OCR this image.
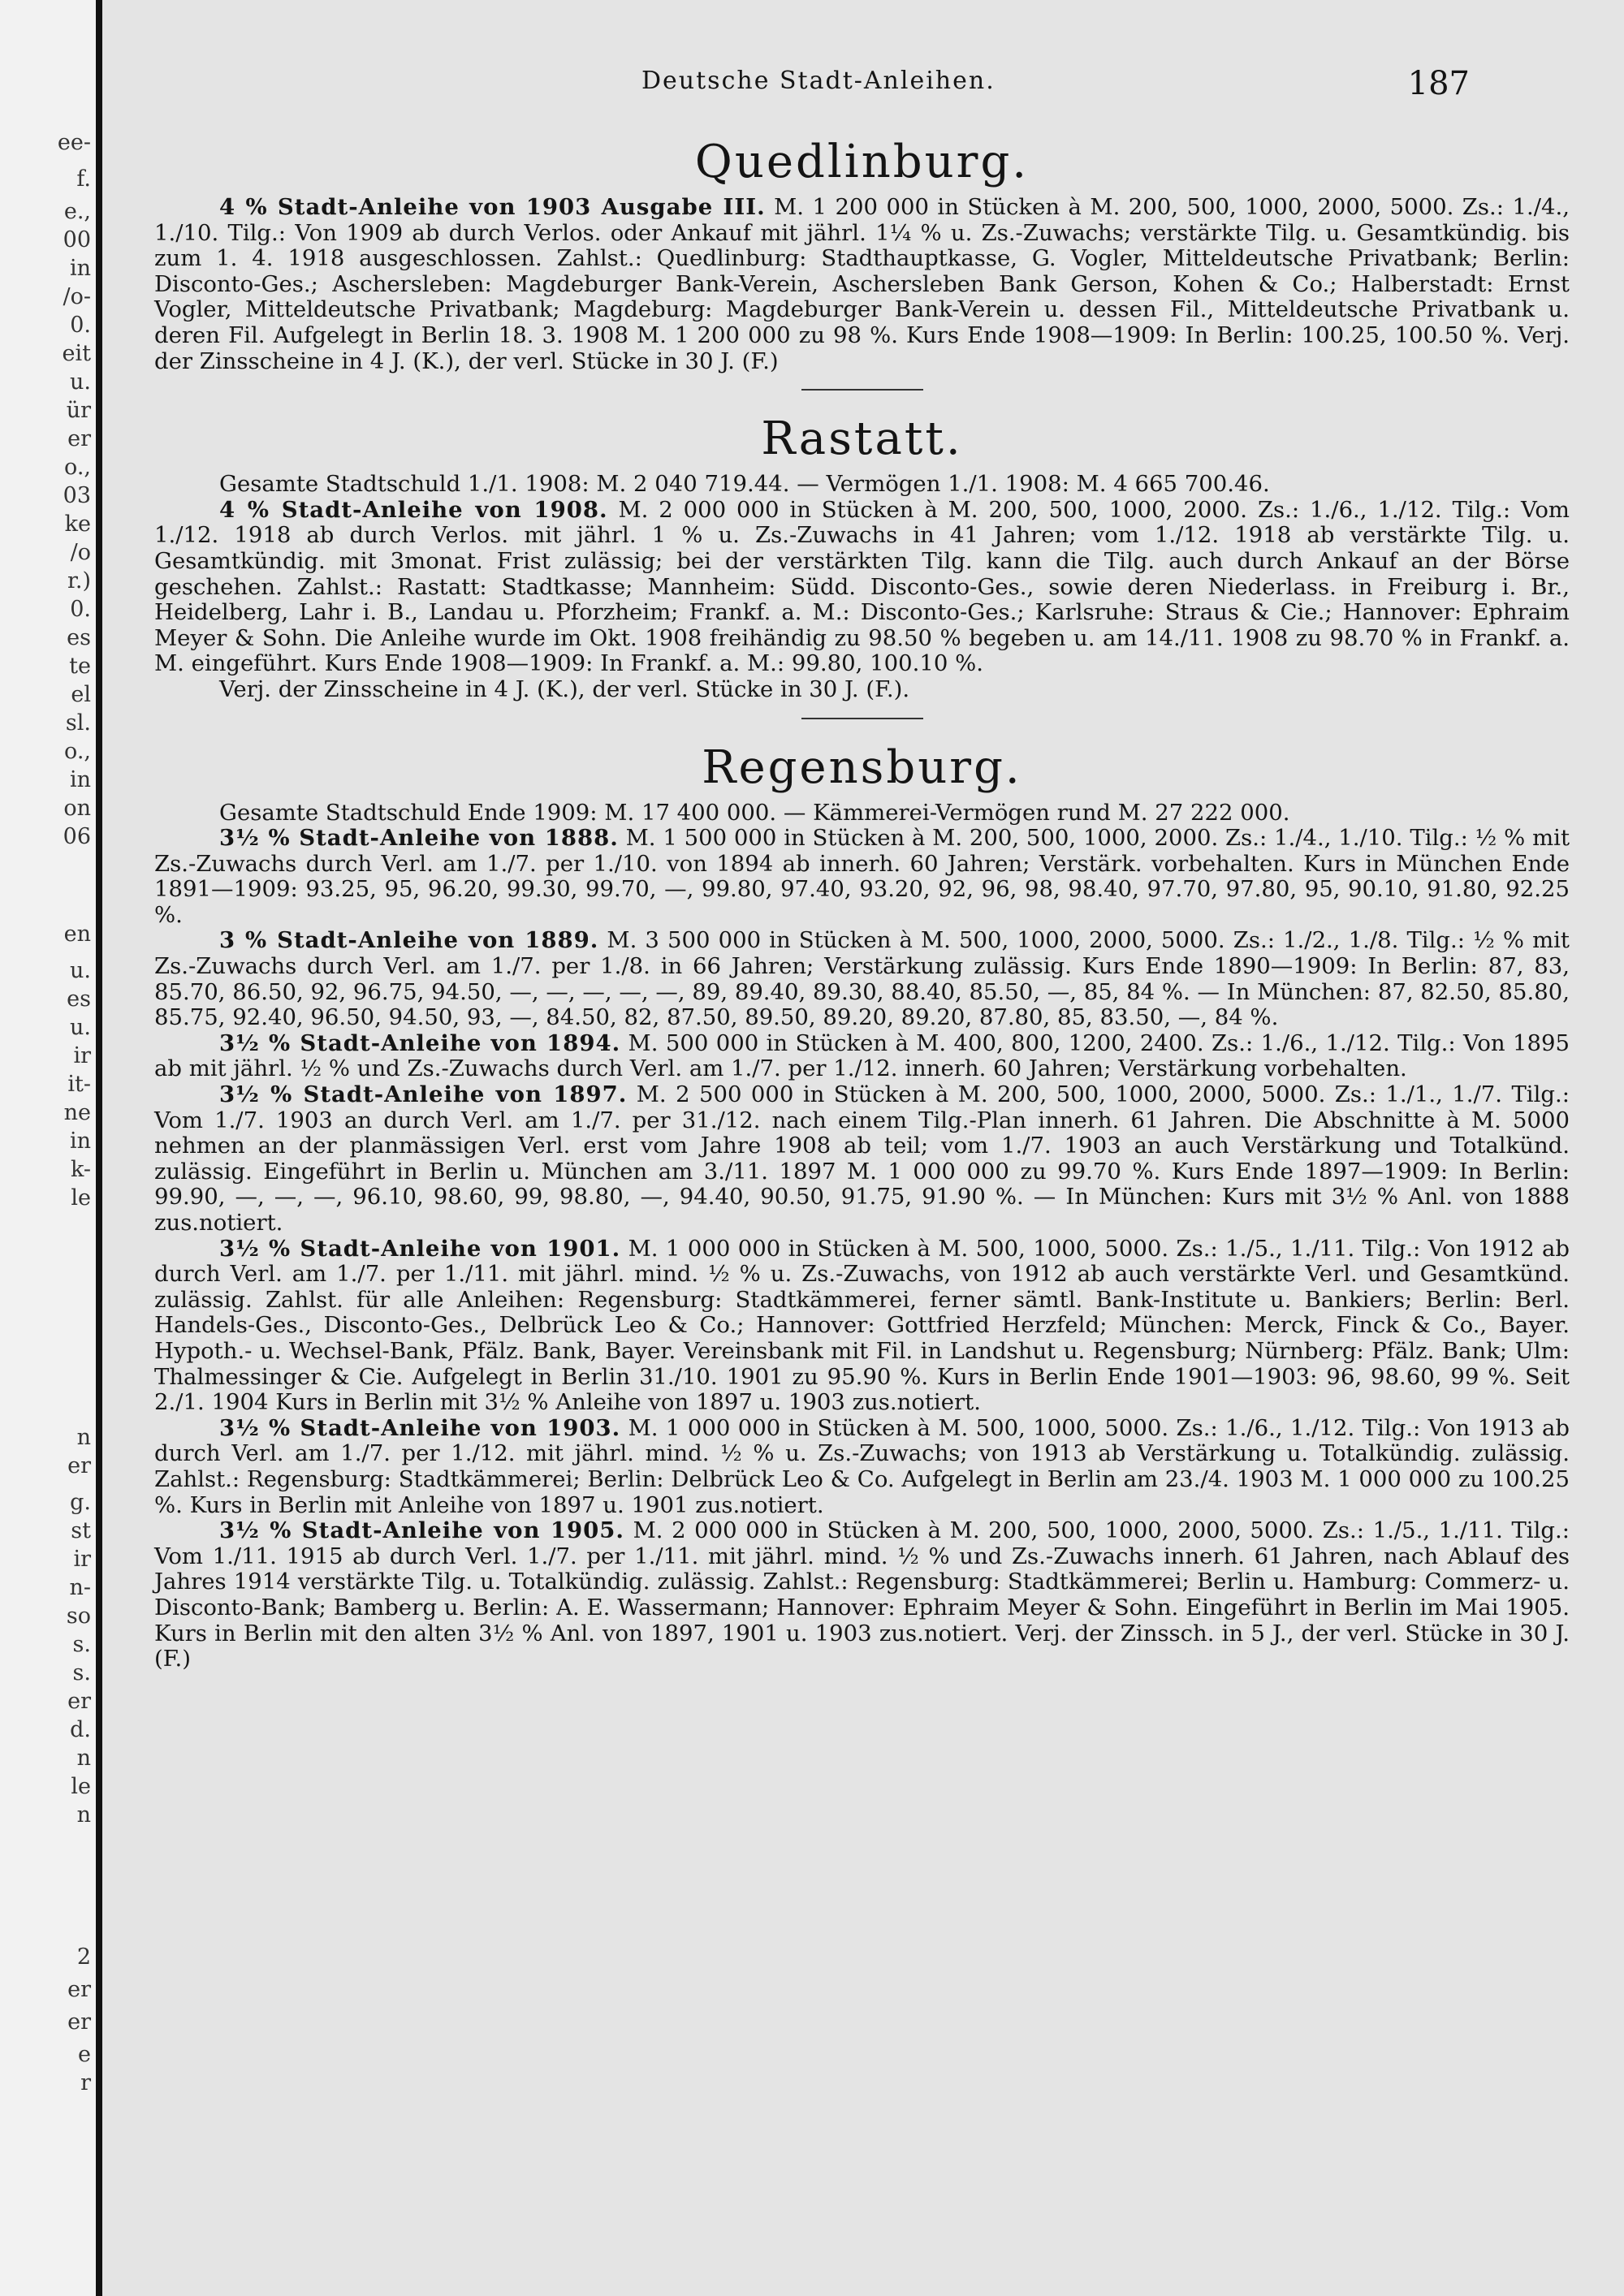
ee-
f.
e.,
00
in
/o-
0.
eit
u.
ür
er
o.,
03
ke
/o
r.)
0.
es
te
el
sl.
o.,
in
on
06
en
u.
es
u.
ir
it-
ne
in
k-
le
n
er
g.
st
ir
n-
so
s.
s.
er
d.
n
le
n
2
er
er
e
r
Deutsche Stadt-Anleihen.	187
Quedlinburg.

4 % Stadt-Anleihe von 1903 Ausgabe III. M. 1 200 000 in Stücken à M. 200, 500, 1000, 2000, 5000. Zs.: 1./4., 1./10. Tilg.: Von 1909 ab durch Verlos. oder Ankauf mit jährl. 1¼ % u. Zs.-Zuwachs; verstärkte Tilg. u. Gesamtkündig. bis zum 1. 4. 1918 ausgeschlossen. Zahlst.: Quedlinburg: Stadthauptkasse, G. Vogler, Mitteldeutsche Privatbank; Berlin: Disconto-Ges.; Aschersleben: Magdeburger Bank-Verein, Aschersleben Bank Gerson, Kohen & Co.; Halberstadt: Ernst Vogler, Mitteldeutsche Privatbank; Magdeburg: Magdeburger Bank-Verein u. dessen Fil., Mitteldeutsche Privatbank u. deren Fil. Aufgelegt in Berlin 18. 3. 1908 M. 1 200 000 zu 98 %. Kurs Ende 1908—1909: In Berlin: 100.25, 100.50 %. Verj. der Zinsscheine in 4 J. (K.), der verl. Stücke in 30 J. (F.)

Rastatt.

Gesamte Stadtschuld 1./1. 1908: M. 2 040 719.44. — Vermögen 1./1. 1908: M. 4 665 700.46.

4 % Stadt-Anleihe von 1908. M. 2 000 000 in Stücken à M. 200, 500, 1000, 2000. Zs.: 1./6., 1./12. Tilg.: Vom 1./12. 1918 ab durch Verlos. mit jährl. 1 % u. Zs.-Zuwachs in 41 Jahren; vom 1./12. 1918 ab verstärkte Tilg. u. Gesamtkündig. mit 3monat. Frist zulässig; bei der verstärkten Tilg. kann die Tilg. auch durch Ankauf an der Börse geschehen. Zahlst.: Rastatt: Stadtkasse; Mannheim: Südd. Disconto-Ges., sowie deren Niederlass. in Freiburg i. Br., Heidelberg, Lahr i. B., Landau u. Pforzheim; Frankf. a. M.: Disconto-Ges.; Karlsruhe: Straus & Cie.; Hannover: Ephraim Meyer & Sohn. Die Anleihe wurde im Okt. 1908 freihändig zu 98.50 % begeben u. am 14./11. 1908 zu 98.70 % in Frankf. a. M. eingeführt. Kurs Ende 1908—1909: In Frankf. a. M.: 99.80, 100.10 %.

Verj. der Zinsscheine in 4 J. (K.), der verl. Stücke in 30 J. (F.).

Regensburg.

Gesamte Stadtschuld Ende 1909: M. 17 400 000. — Kämmerei-Vermögen rund M. 27 222 000.

3½ % Stadt-Anleihe von 1888. M. 1 500 000 in Stücken à M. 200, 500, 1000, 2000. Zs.: 1./4., 1./10. Tilg.: ½ % mit Zs.-Zuwachs durch Verl. am 1./7. per 1./10. von 1894 ab innerh. 60 Jahren; Verstärk. vorbehalten. Kurs in München Ende 1891—1909: 93.25, 95, 96.20, 99.30, 99.70, —, 99.80, 97.40, 93.20, 92, 96, 98, 98.40, 97.70, 97.80, 95, 90.10, 91.80, 92.25 %.

3 % Stadt-Anleihe von 1889. M. 3 500 000 in Stücken à M. 500, 1000, 2000, 5000. Zs.: 1./2., 1./8. Tilg.: ½ % mit Zs.-Zuwachs durch Verl. am 1./7. per 1./8. in 66 Jahren; Verstärkung zulässig. Kurs Ende 1890—1909: In Berlin: 87, 83, 85.70, 86.50, 92, 96.75, 94.50, —, —, —, —, —, 89, 89.40, 89.30, 88.40, 85.50, —, 85, 84 %. — In München: 87, 82.50, 85.80, 85.75, 92.40, 96.50, 94.50, 93, —, 84.50, 82, 87.50, 89.50, 89.20, 89.20, 87.80, 85, 83.50, —, 84 %.

3½ % Stadt-Anleihe von 1894. M. 500 000 in Stücken à M. 400, 800, 1200, 2400. Zs.: 1./6., 1./12. Tilg.: Von 1895 ab mit jährl. ½ % und Zs.-Zuwachs durch Verl. am 1./7. per 1./12. innerh. 60 Jahren; Verstärkung vorbehalten.

3½ % Stadt-Anleihe von 1897. M. 2 500 000 in Stücken à M. 200, 500, 1000, 2000, 5000. Zs.: 1./1., 1./7. Tilg.: Vom 1./7. 1903 an durch Verl. am 1./7. per 31./12. nach einem Tilg.-Plan innerh. 61 Jahren. Die Abschnitte à M. 5000 nehmen an der planmässigen Verl. erst vom Jahre 1908 ab teil; vom 1./7. 1903 an auch Verstärkung und Totalkünd. zulässig. Eingeführt in Berlin u. München am 3./11. 1897 M. 1 000 000 zu 99.70 %. Kurs Ende 1897—1909: In Berlin: 99.90, —, —, —, 96.10, 98.60, 99, 98.80, —, 94.40, 90.50, 91.75, 91.90 %. — In München: Kurs mit 3½ % Anl. von 1888 zus.notiert.

3½ % Stadt-Anleihe von 1901. M. 1 000 000 in Stücken à M. 500, 1000, 5000. Zs.: 1./5., 1./11. Tilg.: Von 1912 ab durch Verl. am 1./7. per 1./11. mit jährl. mind. ½ % u. Zs.-Zuwachs, von 1912 ab auch verstärkte Verl. und Gesamtkünd. zulässig. Zahlst. für alle Anleihen: Regensburg: Stadtkämmerei, ferner sämtl. Bank-Institute u. Bankiers; Berlin: Berl. Handels-Ges., Disconto-Ges., Delbrück Leo & Co.; Hannover: Gottfried Herzfeld; München: Merck, Finck & Co., Bayer. Hypoth.- u. Wechsel-Bank, Pfälz. Bank, Bayer. Vereinsbank mit Fil. in Landshut u. Regensburg; Nürnberg: Pfälz. Bank; Ulm: Thalmessinger & Cie. Aufgelegt in Berlin 31./10. 1901 zu 95.90 %. Kurs in Berlin Ende 1901—1903: 96, 98.60, 99 %. Seit 2./1. 1904 Kurs in Berlin mit 3½ % Anleihe von 1897 u. 1903 zus.notiert.

3½ % Stadt-Anleihe von 1903. M. 1 000 000 in Stücken à M. 500, 1000, 5000. Zs.: 1./6., 1./12. Tilg.: Von 1913 ab durch Verl. am 1./7. per 1./12. mit jährl. mind. ½ % u. Zs.-Zuwachs; von 1913 ab Verstärkung u. Totalkündig. zulässig. Zahlst.: Regensburg: Stadtkämmerei; Berlin: Delbrück Leo & Co. Aufgelegt in Berlin am 23./4. 1903 M. 1 000 000 zu 100.25 %. Kurs in Berlin mit Anleihe von 1897 u. 1901 zus.notiert.

3½ % Stadt-Anleihe von 1905. M. 2 000 000 in Stücken à M. 200, 500, 1000, 2000, 5000. Zs.: 1./5., 1./11. Tilg.: Vom 1./11. 1915 ab durch Verl. 1./7. per 1./11. mit jährl. mind. ½ % und Zs.-Zuwachs innerh. 61 Jahren, nach Ablauf des Jahres 1914 verstärkte Tilg. u. Totalkündig. zulässig. Zahlst.: Regensburg: Stadtkämmerei; Berlin u. Hamburg: Commerz- u. Disconto-Bank; Bamberg u. Berlin: A. E. Wassermann; Hannover: Ephraim Meyer & Sohn. Eingeführt in Berlin im Mai 1905. Kurs in Berlin mit den alten 3½ % Anl. von 1897, 1901 u. 1903 zus.notiert. Verj. der Zinssch. in 5 J., der verl. Stücke in 30 J. (F.)
